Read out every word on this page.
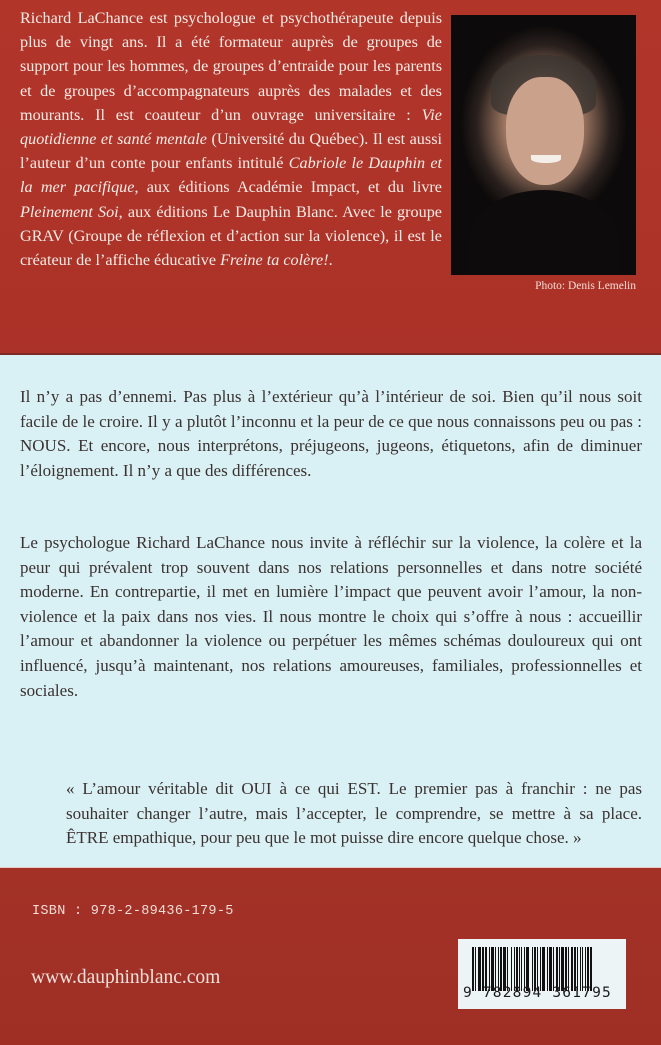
Richard LaChance est psychologue et psychothérapeute depuis plus de vingt ans. Il a été formateur auprès de groupes de support pour les hommes, de groupes d’entraide pour les parents et de groupes d’accompagnateurs auprès des malades et des mourants. Il est coauteur d’un ouvrage universitaire : Vie quotidienne et santé mentale (Université du Québec). Il est aussi l’auteur d’un conte pour enfants intitulé Cabriole le Dauphin et la mer pacifique, aux éditions Académie Impact, et du livre Pleinement Soi, aux éditions Le Dauphin Blanc. Avec le groupe GRAV (Groupe de réflexion et d’action sur la violence), il est le créateur de l’affiche éducative Freine ta colère!.
Photo: Denis Lemelin
Il n’y a pas d’ennemi. Pas plus à l’extérieur qu’à l’intérieur de soi. Bien qu’il nous soit facile de le croire. Il y a plutôt l’inconnu et la peur de ce que nous connaissons peu ou pas : NOUS. Et encore, nous interprétons, préjugeons, jugeons, étiquetons, afin de diminuer l’éloignement. Il n’y a que des différences.
Le psychologue Richard LaChance nous invite à réfléchir sur la violence, la colère et la peur qui prévalent trop souvent dans nos relations personnelles et dans notre société moderne. En contrepartie, il met en lumière l’impact que peuvent avoir l’amour, la non-violence et la paix dans nos vies. Il nous montre le choix qui s’offre à nous : accueillir l’amour et abandonner la violence ou perpétuer les mêmes schémas douloureux qui ont influencé, jusqu’à maintenant, nos relations amoureuses, familiales, professionnelles et sociales.
« L’amour véritable dit OUI à ce qui EST. Le premier pas à franchir : ne pas souhaiter changer l’autre, mais l’accepter, le comprendre, se mettre à sa place. ÊTRE empathique, pour peu que le mot puisse dire encore quelque chose. »
ISBN : 978-2-89436-179-5
www.dauphinblanc.com
9 782894 361795
